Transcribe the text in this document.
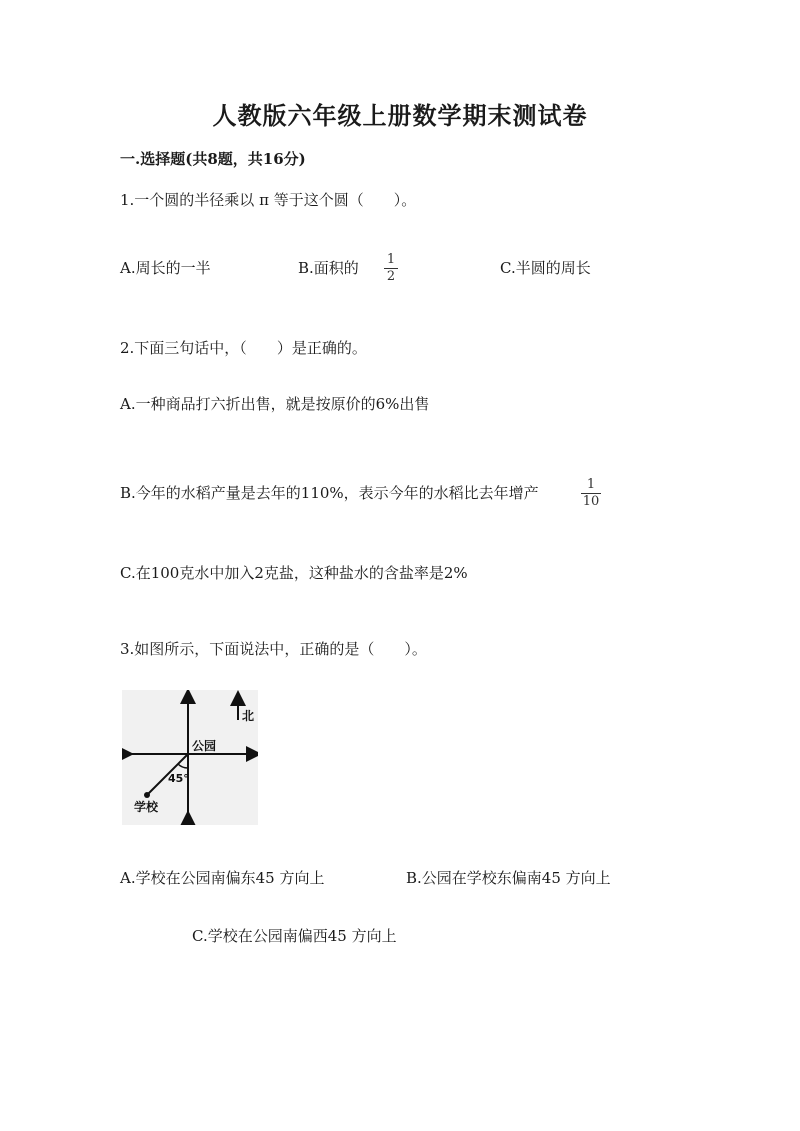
人教版六年级上册数学期末测试卷
一.选择题(共8题，共16分)
1.一个圆的半径乘以 π 等于这个圆（　　）。
A.周长的一半	B.面积的 1
2	C.半圆的周长
2.下面三句话中，（　　）是正确的。
A.一种商品打六折出售，就是按原价的6%出售
B.今年的水稻产量是去年的110%，表示今年的水稻比去年增产	1
10
C.在100克水中加入2克盐，这种盐水的含盐率是2%
3.如图所示，下面说法中，正确的是（　　）。
北
公园
45°
学校
A.学校在公园南偏东45 方向上	B.公园在学校东偏南45 方向上
C.学校在公园南偏西45 方向上
